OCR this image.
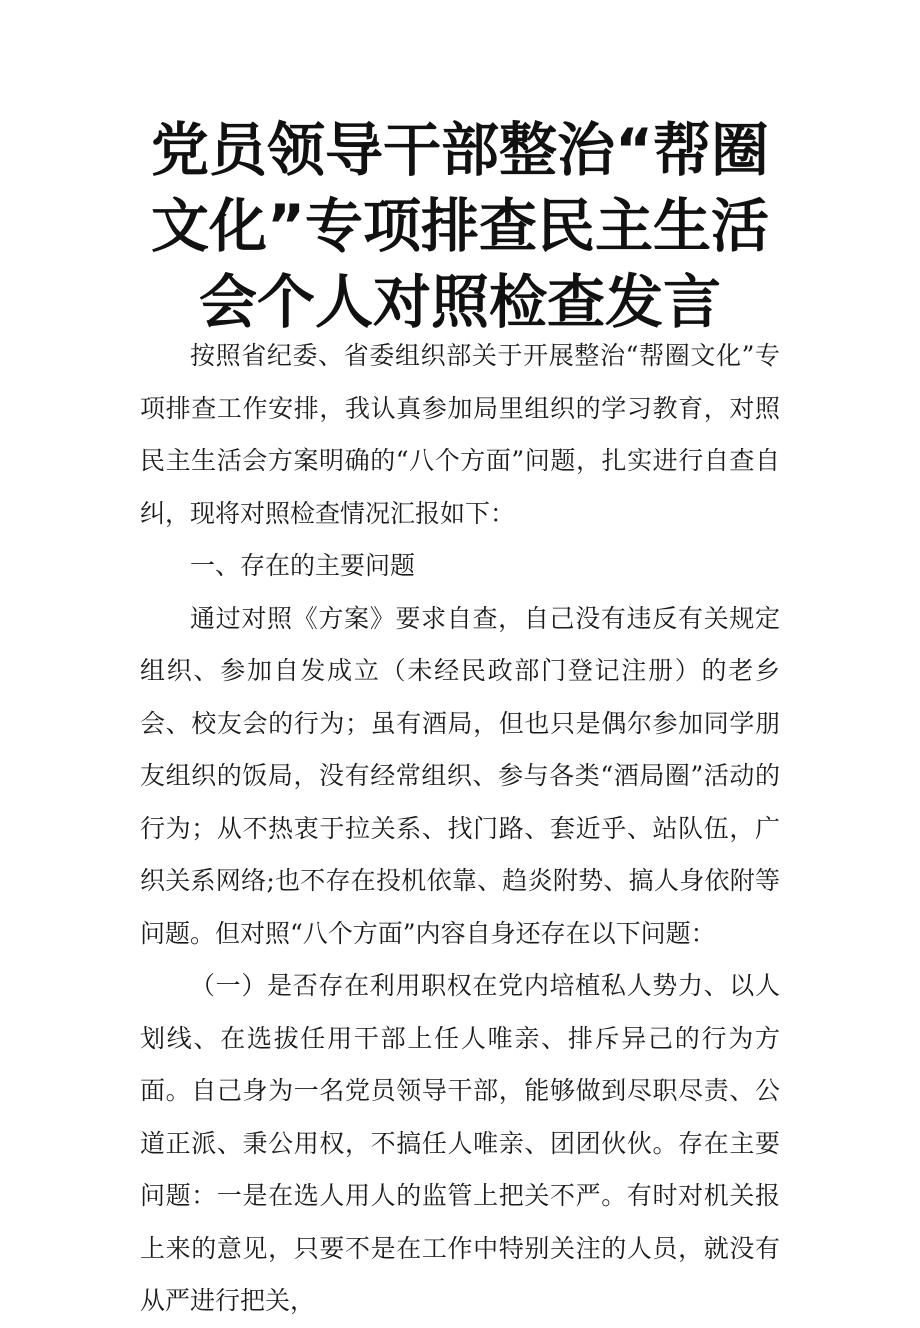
党员领导干部整治“帮圈文化”专项排查民主生活会个人对照检查发言

按照省纪委、省委组织部关于开展整治“帮圈文化”专项排查工作安排，我认真参加局里组织的学习教育，对照民主生活会方案明确的“八个方面”问题，扎实进行自查自纠，现将对照检查情况汇报如下：

一、存在的主要问题

通过对照《方案》要求自查，自己没有违反有关规定组织、参加自发成立（未经民政部门登记注册）的老乡会、校友会的行为；虽有酒局，但也只是偶尔参加同学朋友组织的饭局，没有经常组织、参与各类“酒局圈”活动的行为；从不热衷于拉关系、找门路、套近乎、站队伍，广织关系网络;也不存在投机依靠、趋炎附势、搞人身依附等问题。但对照“八个方面”内容自身还存在以下问题：

（一）是否存在利用职权在党内培植私人势力、以人划线、在选拔任用干部上任人唯亲、排斥异己的行为方面。自己身为一名党员领导干部，能够做到尽职尽责、公道正派、秉公用权，不搞任人唯亲、团团伙伙。存在主要问题：一是在选人用人的监管上把关不严。有时对机关报上来的意见，只要不是在工作中特别关注的人员，就没有从严进行把关，
